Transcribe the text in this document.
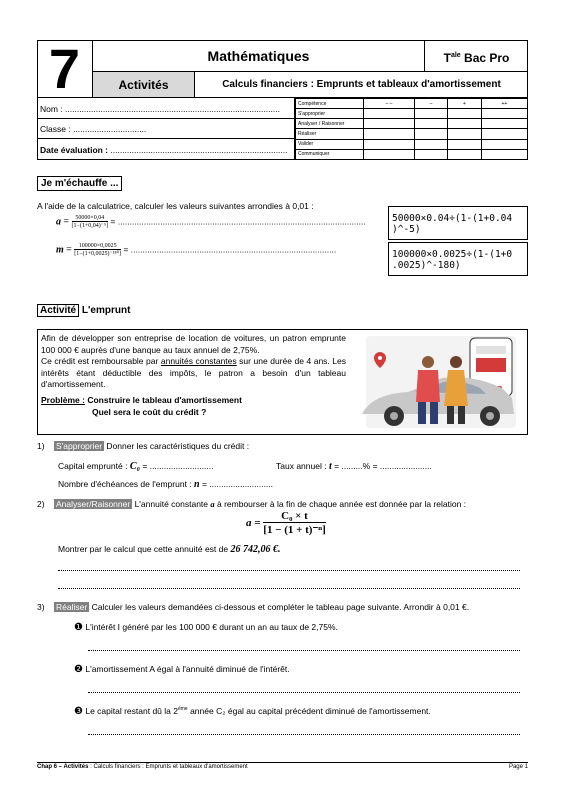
7	Mathématiques	$T^{ale}$ Bac Pro
Activités	Calculs financiers : Emprunts et tableaux d'amortissement
Nom : ...........................................................................................
Classe : ...............................
Date évaluation : ...........................................................................
Compétence	– –	–	+	++
S'approprier				
Analyser / Raisonner				
Réaliser				
Valider				
Communiquer				
Je m'échauffe ...
A l'aide de la calculatrice, calculer les valeurs suivantes arrondies à 0,01 :
$a = \frac{50000\times 0,04}{\text{[1−(1+0,04)⁻⁵]}}$ = .........................................................................................................
$m = \frac{100000\times 0,0025}{\text{[1−(1+0,0025)⁻¹⁸⁰]}}$ = .......................................................................................

50000×0.04÷(1-(1+0.04
)^-5)

100000×0.0025÷(1-(1+0
.0025)^-180)
Activité L'emprunt
Afin de développer son entreprise de location de voitures, un patron emprunte 100 000 € auprès d'une banque au taux annuel de 2,75%.
Ce crédit est remboursable par annuités constantes sur une durée de 4 ans. Les intérêts étant déductible des impôts, le patron a besoin d'un tableau d'amortissement.
Problème : Construire le tableau d'amortissement
Quel sera le coût du crédit ?
1) S'approprier Donner les caractéristiques du crédit :
Capital emprunté : C₀ = ...........................	Taux annuel : t = .........% = ......................
Nombre d'échéances de l'emprunt : n = ...........................
2) Analyser/Raisonner L'annuité constante a à rembourser à la fin de chaque année est donnée par la relation :
$a = \frac{\text{C₀ × t}}{\text{[1 − (1 + t)⁻ⁿ]}}$
Montrer par le calcul que cette annuité est de 26 742,06 €.
3) Réaliser Calculer les valeurs demandées ci-dessous et compléter le tableau page suivante. Arrondir à 0,01 €.
❶ L'intérêt I généré par les 100 000 € durant un an au taux de 2,75%.
❷ L'amortissement A égal à l'annuité diminué de l'intérêt.
❸ Le capital restant dû la 2ème année C₂ égal au capital précédent diminué de l'amortissement.
Chap 6 – Activités : Calculs financiers : Emprunts et tableaux d'amortissement	Page 1
